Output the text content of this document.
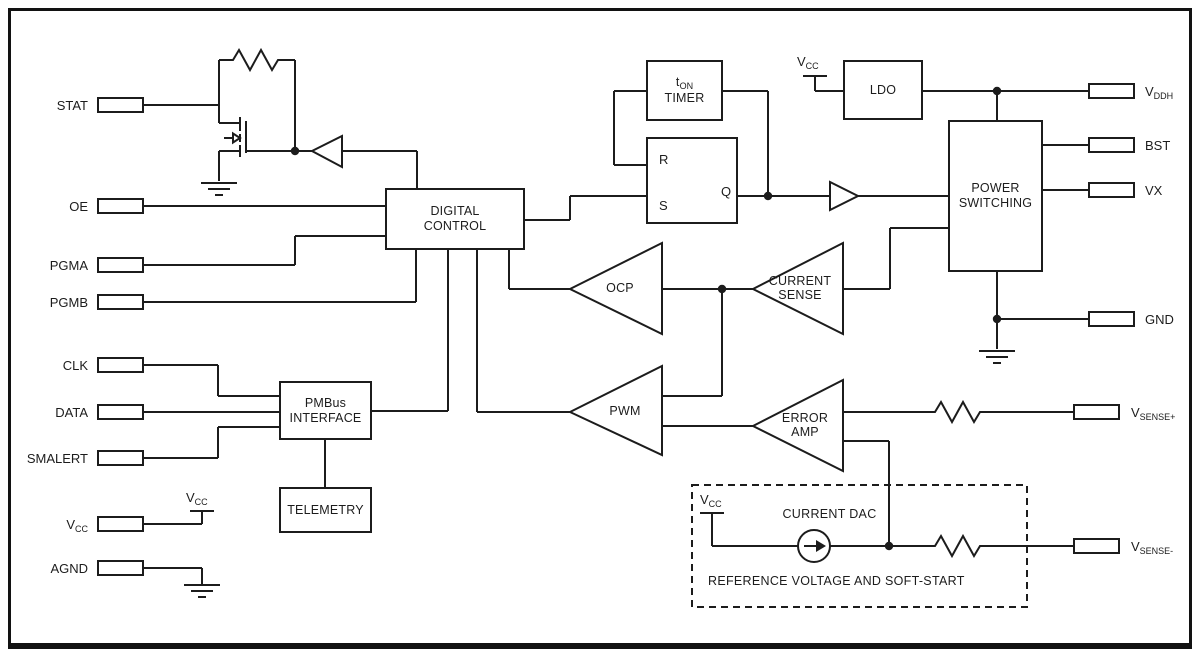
DIGITAL
CONTROL
$t_{ON}$
TIMER
R
S
Q
LDO
POWER
SWITCHING
PMBus
INTERFACE
TELEMETRY
OCP	CURRENT
SENSE
PWM	ERROR
AMP
STAT
OE
PGMA
PGMB
CLK
DATA
SMALERT
$V_{CC}$
AGND
$V_{DDH}$
BST
VX
GND
$V_{SENSE+}$
$V_{SENSE-}$
$V_{CC}$
$V_{CC}$	$V_{CC}$
CURRENT DAC
REFERENCE VOLTAGE AND SOFT-START
